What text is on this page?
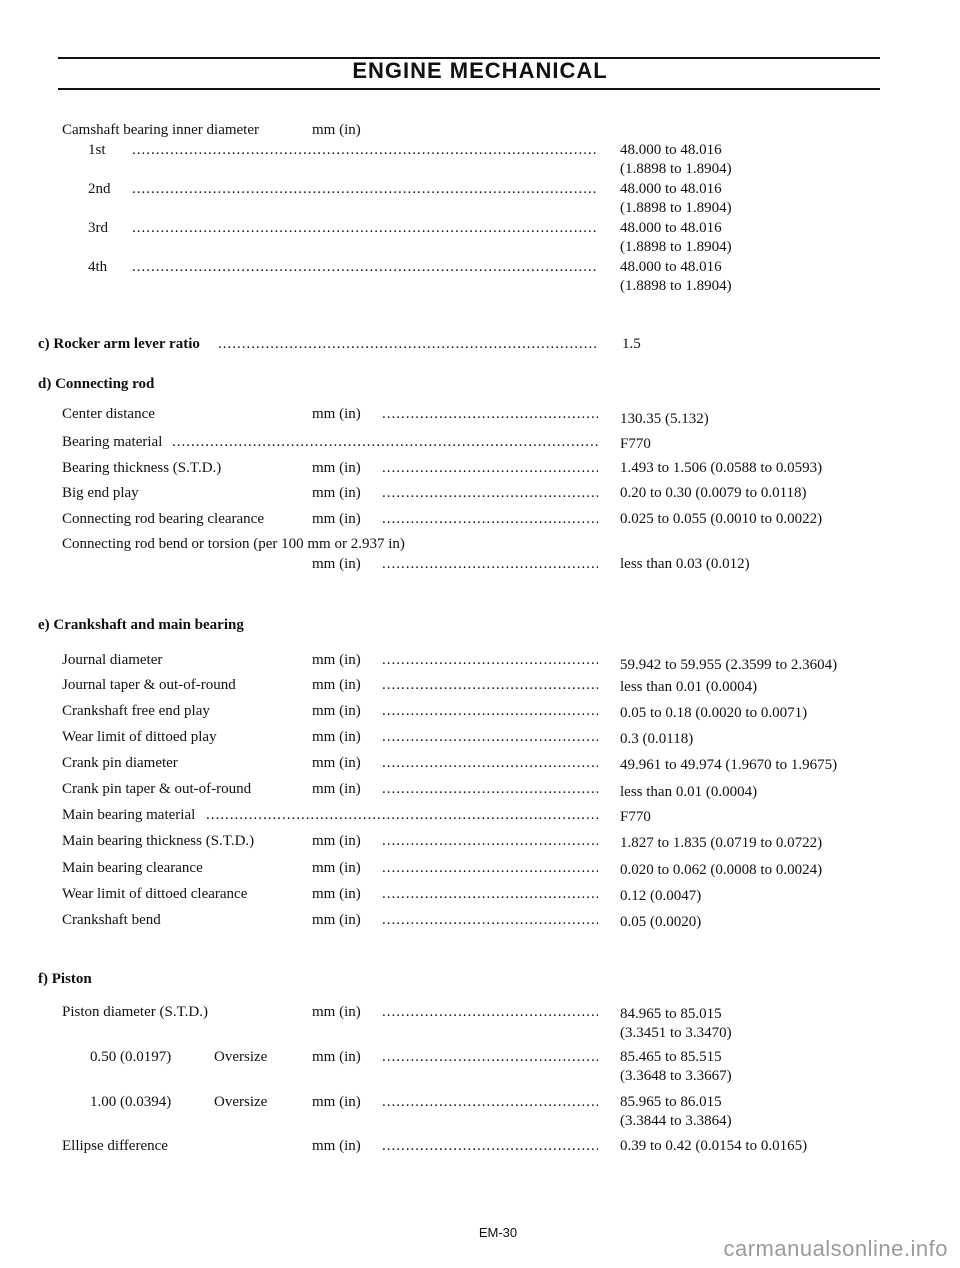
ENGINE MECHANICAL
Camshaft bearing inner diameter	mm (in)
1st .....	48.000 to 48.016
(1.8898 to 1.8904)
2nd .....	48.000 to 48.016
(1.8898 to 1.8904)
3rd .....	48.000 to 48.016
(1.8898 to 1.8904)
4th .....	48.000 to 48.016
(1.8898 to 1.8904)
c) Rocker arm lever ratio .....	1.5
d) Connecting rod
Center distance	mm (in) .....	130.35 (5.132)
Bearing material .....	F770
Bearing thickness (S.T.D.)	mm (in) .....	1.493 to 1.506 (0.0588 to 0.0593)
Big end play	mm (in) .....	0.20 to 0.30 (0.0079 to 0.0118)
Connecting rod bearing clearance	mm (in) .....	0.025 to 0.055 (0.0010 to 0.0022)
Connecting rod bend or torsion (per 100 mm or 2.937 in)
mm (in) .....	less than 0.03 (0.012)
e) Crankshaft and main bearing
Journal diameter	mm (in) .....	59.942 to 59.955 (2.3599 to 2.3604)
Journal taper & out-of-round	mm (in) .....	less than 0.01 (0.0004)
Crankshaft free end play	mm (in) .....	0.05 to 0.18 (0.0020 to 0.0071)
Wear limit of dittoed play	mm (in) .....	0.3 (0.0118)
Crank pin diameter	mm (in) .....	49.961 to 49.974 (1.9670 to 1.9675)
Crank pin taper & out-of-round	mm (in) .....	less than 0.01 (0.0004)
Main bearing material .....	F770
Main bearing thickness (S.T.D.)	mm (in) .....	1.827 to 1.835 (0.0719 to 0.0722)
Main bearing clearance	mm (in) .....	0.020 to 0.062 (0.0008 to 0.0024)
Wear limit of dittoed clearance	mm (in) .....	0.12 (0.0047)
Crankshaft bend	mm (in) .....	0.05 (0.0020)
f) Piston
Piston diameter (S.T.D.)	mm (in) .....	84.965 to 85.015
(3.3451 to 3.3470)
0.50 (0.0197)	Oversize	mm (in) .....	85.465 to 85.515
(3.3648 to 3.3667)
1.00 (0.0394)	Oversize	mm (in) .....	85.965 to 86.015
(3.3844 to 3.3864)
Ellipse difference	mm (in) .....	0.39 to 0.42 (0.0154 to 0.0165)
EM-30
carmanualsonline.info
